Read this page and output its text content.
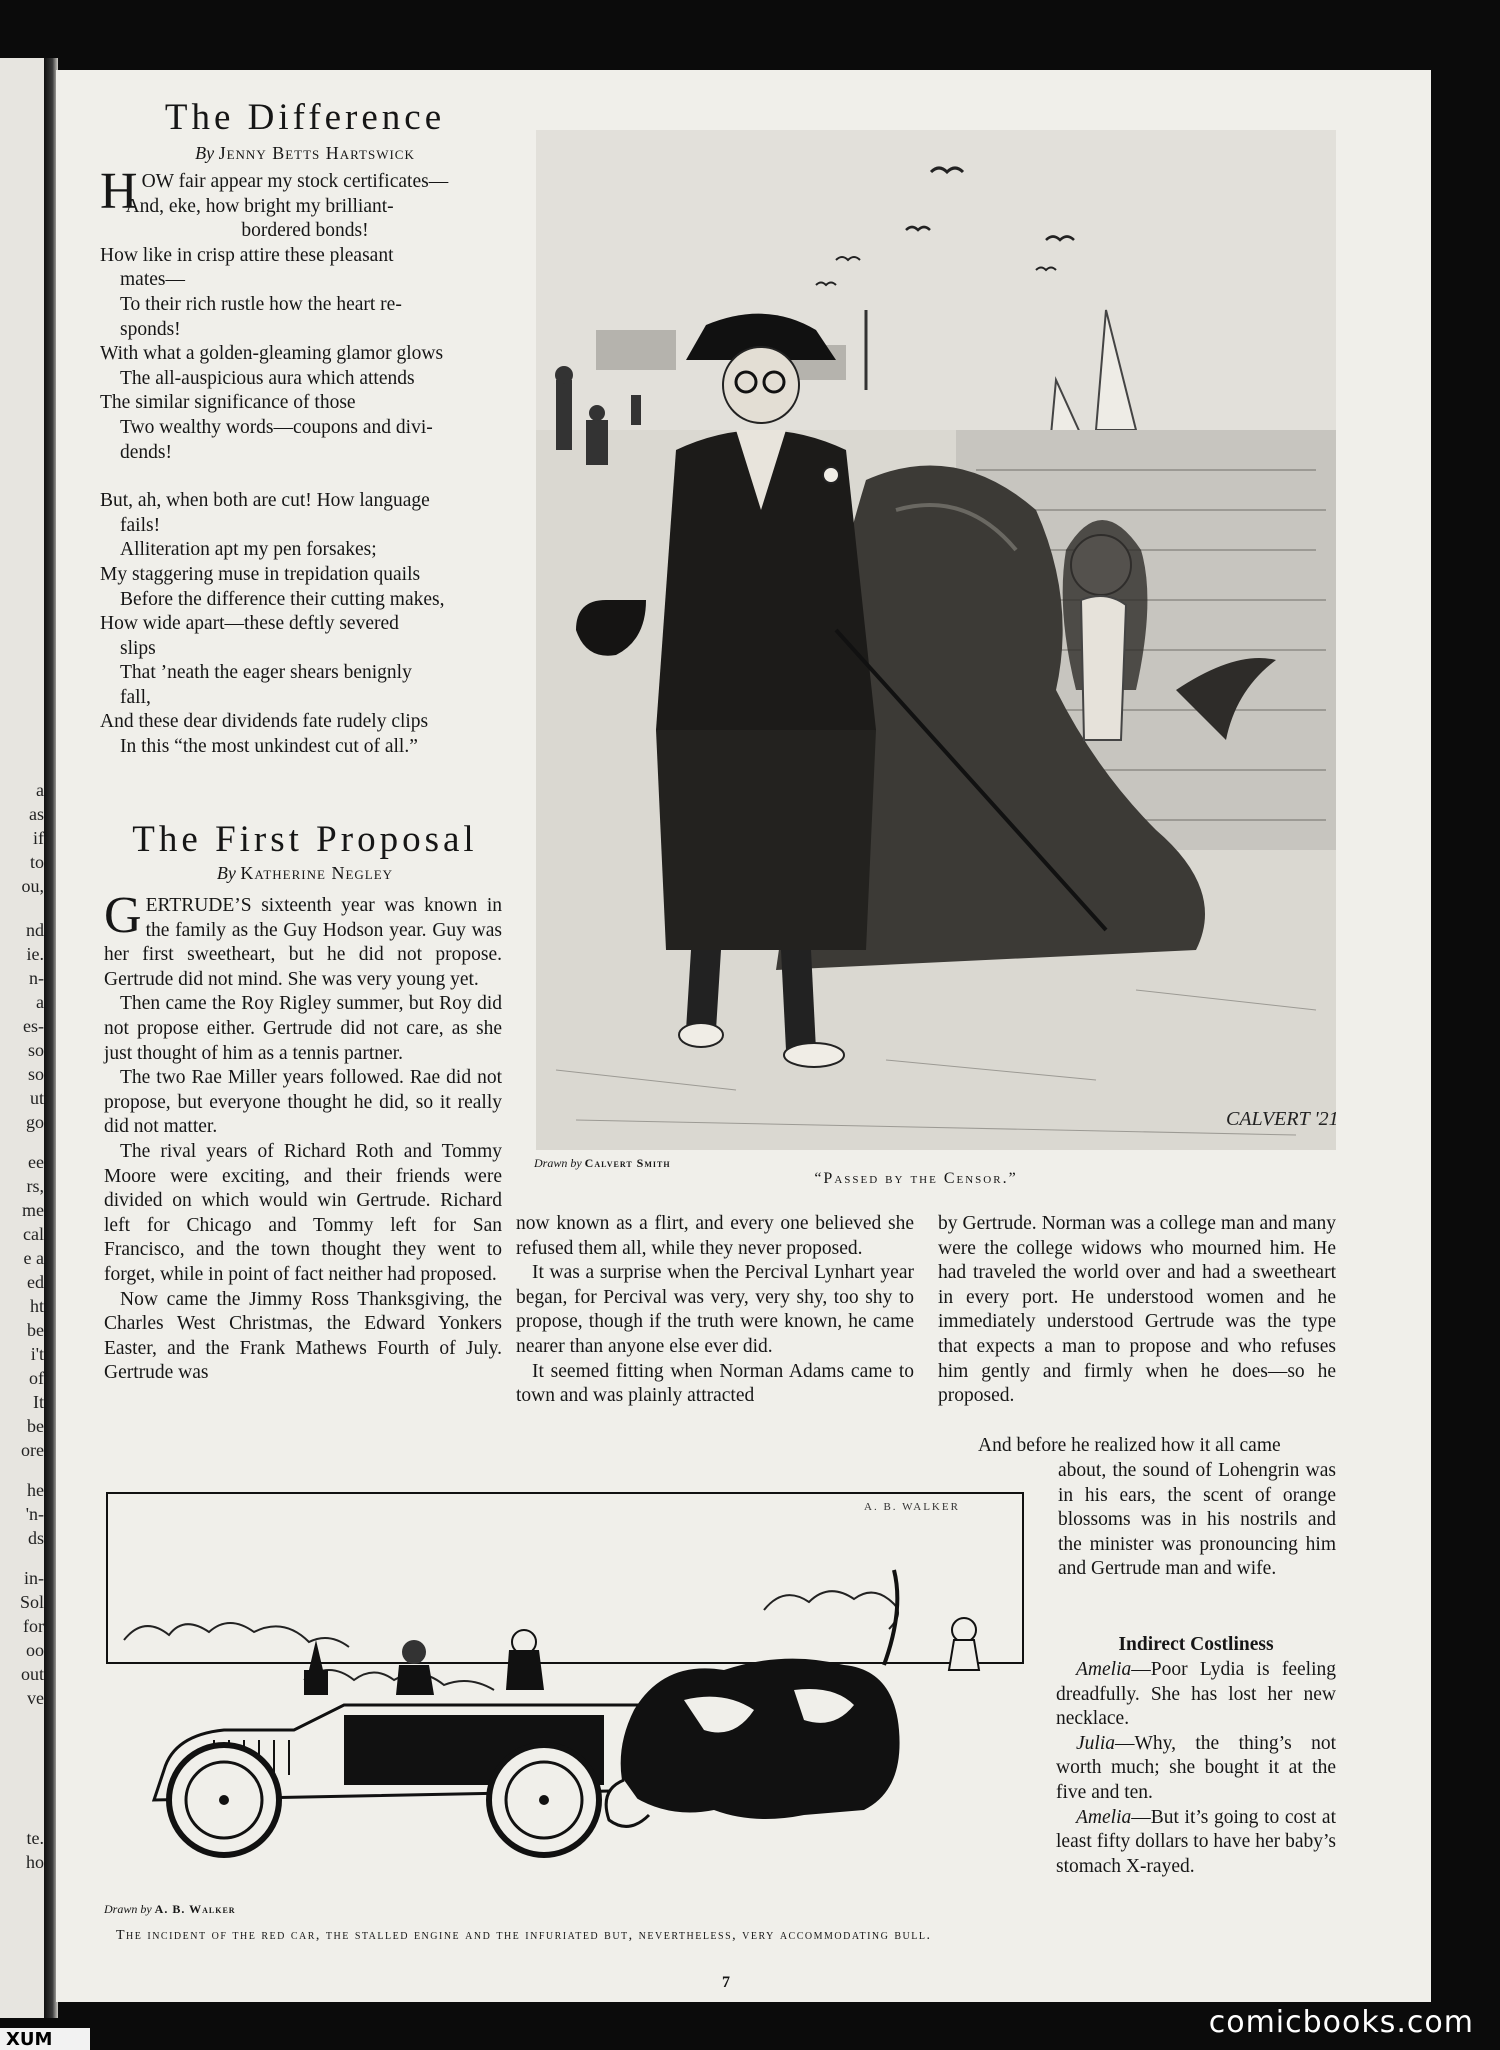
a
as
if
to
ou,
nd
ie.
n-
a
es-
so
so
ut
go
ee
rs,
me
cal
e a
ed
ht
be
i't
of
It
be
ore
he
'n-
ds
in-
Sol
for
oo
out
ve
te.
ho
The Difference
By Jenny Betts Hartswick
H OW fair appear my stock certificates—
And, eke, how bright my brilliant-
bordered bonds!
How like in crisp attire these pleasant
mates—
To their rich rustle how the heart re-
sponds!
With what a golden-gleaming glamor glows
The all-auspicious aura which attends
The similar significance of those
Two wealthy words—coupons and divi-
dends!
But, ah, when both are cut! How language
fails!
Alliteration apt my pen forsakes;
My staggering muse in trepidation quails
Before the difference their cutting makes,
How wide apart—these deftly severed
slips
That ’neath the eager shears benignly
fall,
And these dear dividends fate rudely clips
In this “the most unkindest cut of all.”
The First Proposal
By Katherine Negley

GERTRUDE’S sixteenth year was known in the family as the Guy Hodson year. Guy was her first sweetheart, but he did not propose. Gertrude did not mind. She was very young yet.

Then came the Roy Rigley summer, but Roy did not propose either. Gertrude did not care, as she just thought of him as a tennis partner.

The two Rae Miller years followed. Rae did not propose, but everyone thought he did, so it really did not matter.

The rival years of Richard Roth and Tommy Moore were exciting, and their friends were divided on which would win Gertrude. Richard left for Chicago and Tommy left for San Francisco, and the town thought they went to forget, while in point of fact neither had proposed.

Now came the Jimmy Ross Thanksgiving, the Charles West Christmas, the Edward Yonkers Easter, and the Frank Mathews Fourth of July. Gertrude was

now known as a flirt, and every one believed she refused them all, while they never proposed.

It was a surprise when the Percival Lynhart year began, for Percival was very, very shy, too shy to propose, though if the truth were known, he came nearer than anyone else ever did.

It seemed fitting when Norman Adams came to town and was plainly attracted

by Gertrude. Norman was a college man and many were the college widows who mourned him. He had traveled the world over and had a sweetheart in every port. He understood women and he immediately understood Gertrude was the type that expects a man to propose and who refuses him gently and firmly when he does—so he proposed.

And before he realized how it all came

about, the sound of Lohengrin was in his ears, the scent of orange blossoms was in his nostrils and the minister was pronouncing him and Gertrude man and wife.

CALVERT '21
Drawn by Calvert Smith
“Passed by the Censor.”
A. B. WALKER
Drawn by A. B. Walker
The incident of the red car, the stalled engine and the infuriated but, nevertheless, very accommodating bull.
Indirect Costliness

Amelia—Poor Lydia is feeling dreadfully. She has lost her new necklace.

Julia—Why, the thing’s not worth much; she bought it at the five and ten.

Amelia—But it’s going to cost at least fifty dollars to have her baby’s stomach X-rayed.

7
comicbooks.com
XUM
